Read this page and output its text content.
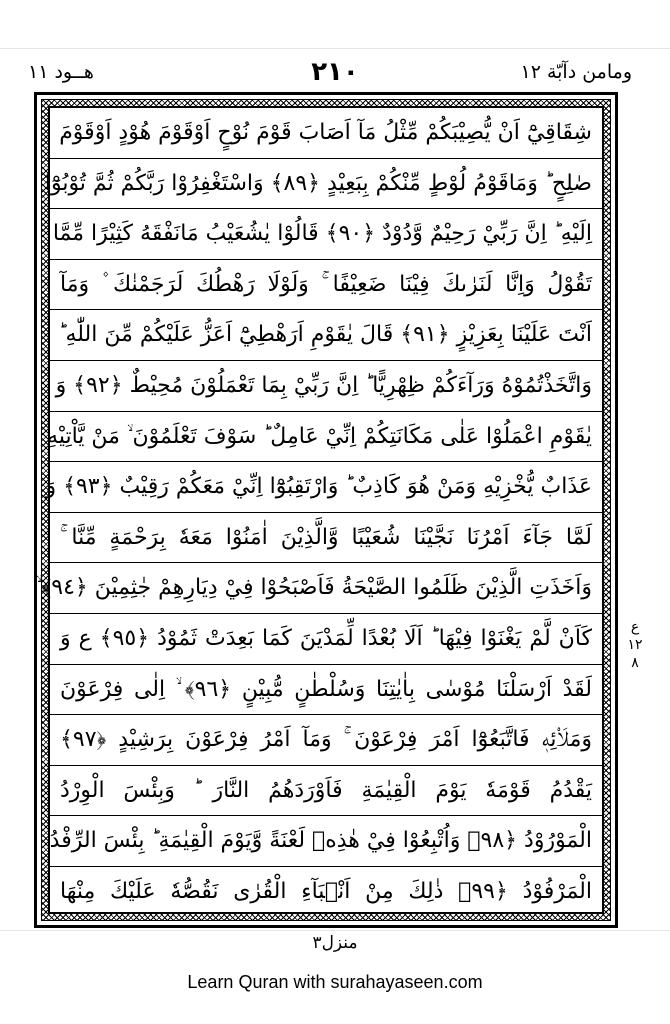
ومامن دآبّة ١٢
٢١٠
هــود ١١
شِقَاقِيْٓ اَنْ يُّصِيْبَكُمْ مِّثْلُ مَآ اَصَابَ قَوْمَ نُوْحٍ اَوْقَوْمَ هُوْدٍ اَوْقَوْمَ
صٰلِحٍ ؕ وَمَاقَوْمُ لُوْطٍ مِّنْكُمْ بِبَعِيْدٍ ﴿٨٩﴾ وَاسْتَغْفِرُوْا رَبَّكُمْ ثُمَّ تُوْبُوْٓا
اِلَيْهِ ؕ اِنَّ رَبِّيْ رَحِيْمٌ وَّدُوْدٌ ﴿٩٠﴾ قَالُوْا يٰشُعَيْبُ مَانَفْقَهُ كَثِيْرًا مِّمَّا
تَقُوْلُ وَاِنَّا لَنَرٰىكَ فِيْنَا ضَعِيْفًا ۚ وَلَوْلَا رَهْطُكَ لَرَجَمْنٰكَ ۫ وَمَآ
اَنْتَ عَلَيْنَا بِعَزِيْزٍ ﴿٩١﴾ قَالَ يٰقَوْمِ اَرَهْطِيْٓ اَعَزُّ عَلَيْكُمْ مِّنَ اللّٰهِ ؕ
وَاتَّخَذْتُمُوْهُ وَرَآءَكُمْ ظِهْرِيًّا ؕ اِنَّ رَبِّيْ بِمَا تَعْمَلُوْنَ مُحِيْطٌ ﴿٩٢﴾ وَ
يٰقَوْمِ اعْمَلُوْا عَلٰى مَكَانَتِكُمْ اِنِّيْ عَامِلٌ ؕ سَوْفَ تَعْلَمُوْنَ ۙ مَنْ يَّاْتِيْهِ
عَذَابٌ يُّخْزِيْهِ وَمَنْ هُوَ كَاذِبٌ ؕ وَارْتَقِبُوْٓا اِنِّيْ مَعَكُمْ رَقِيْبٌ ﴿٩٣﴾ وَ
لَمَّا جَآءَ اَمْرُنَا نَجَّيْنَا شُعَيْبًا وَّالَّذِيْنَ اٰمَنُوْا مَعَهٗ بِرَحْمَةٍ مِّنَّا ۚ
وَاَخَذَتِ الَّذِيْنَ ظَلَمُوا الصَّيْحَةُ فَاَصْبَحُوْا فِيْ دِيَارِهِمْ جٰثِمِيْنَ ﴿٩٤﴾ ۙ
كَاَنْ لَّمْ يَغْنَوْا فِيْهَا ؕ اَلَا بُعْدًا لِّمَدْيَنَ كَمَا بَعِدَتْ ثَمُوْدُ ﴿٩٥﴾ ع وَ
لَقَدْ اَرْسَلْنَا مُوْسٰى بِاٰيٰتِنَا وَسُلْطٰنٍ مُّبِيْنٍ ﴿٩٦﴾ ۙ اِلٰى فِرْعَوْنَ
وَمَلَا۟ئِهٖ فَاتَّبَعُوْٓا اَمْرَ فِرْعَوْنَ ۚ وَمَآ اَمْرُ فِرْعَوْنَ بِرَشِيْدٍ ﴿٩٧﴾
يَقْدُمُ قَوْمَهٗ يَوْمَ الْقِيٰمَةِ فَاَوْرَدَهُمُ النَّارَ ؕ وَبِئْسَ الْوِرْدُ
الْمَوْرُوْدُ ﴿٩٨﴾ وَاُتْبِعُوْا فِيْ هٰذِهٖ لَعْنَةً وَّيَوْمَ الْقِيٰمَةِ ؕ بِئْسَ الرِّفْدُ
الْمَرْفُوْدُ ﴿٩٩﴾ ذٰلِكَ مِنْ اَنْۢبَآءِ الْقُرٰى نَقُصُّهٗ عَلَيْكَ مِنْهَا
ع ١٢ ٨
منزل٣
Learn Quran with surahayaseen.com
